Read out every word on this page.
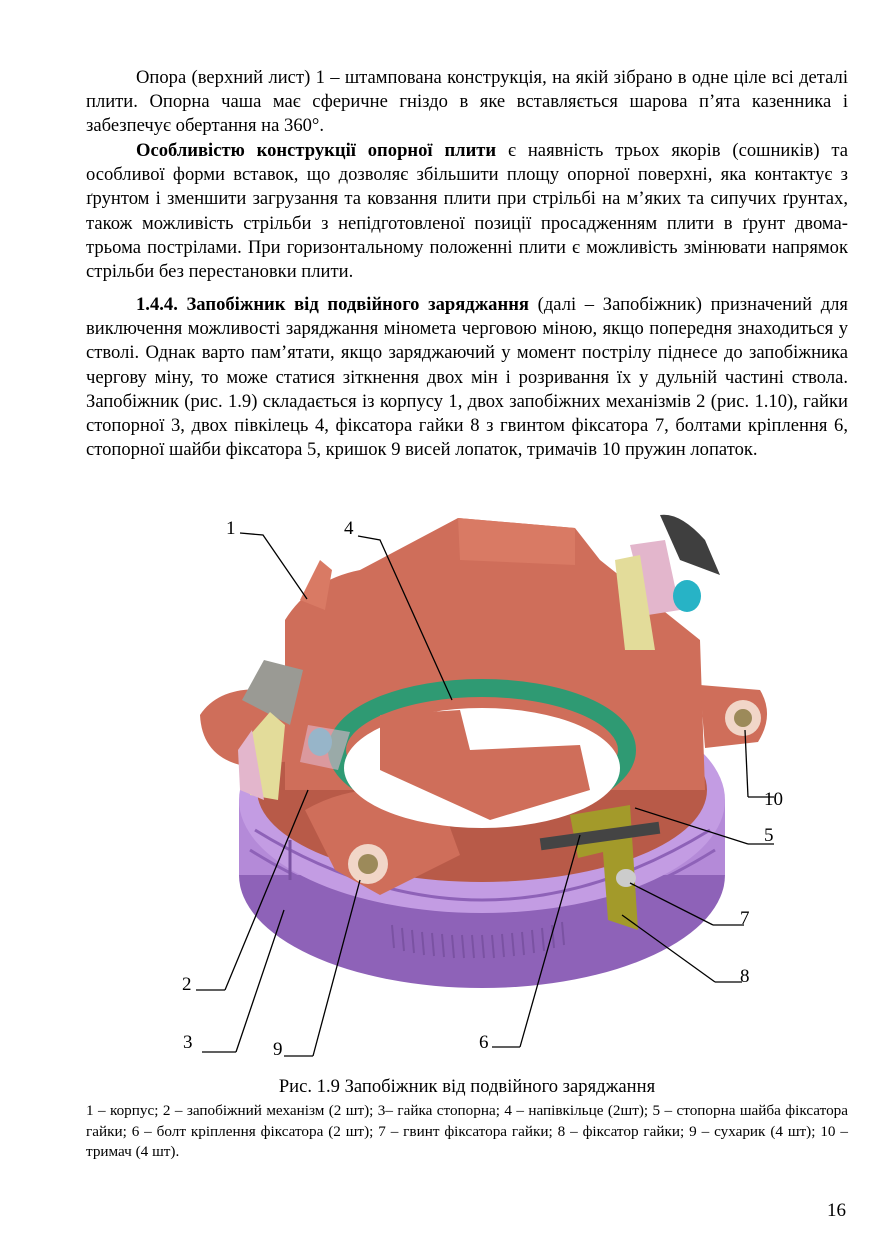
Опора (верхний лист) 1 – штампована конструкція, на якій зібрано в одне ціле всі деталі плити. Опорна чаша має сферичне гніздо в яке вставляється шарова п’ята казенника і забезпечує обертання на 360°.

Особливістю конструкції опорної плити є наявність трьох якорів (сошників) та особливої форми вставок, що дозволяє збільшити площу опорної поверхні, яка контактує з ґрунтом і зменшити загрузання та ковзання плити при стрільбі на м’яких та сипучих ґрунтах, також можливість стрільби з непідготовленої позиції просадженням плити в ґрунт двома-трьома пострілами. При горизонтальному положенні плити є можливість змінювати напрямок стрільби без перестановки плити.

1.4.4. Запобіжник від подвійного заряджання (далі – Запобіжник) призначений для виключення можливості заряджання міномета черговою міною, якщо попередня знаходиться у стволі. Однак варто пам’ятати, якщо заряджаючий у момент пострілу піднесе до запобіжника чергову міну, то може статися зіткнення двох мін і розривання їх у дульній частині ствола. Запобіжник (рис. 1.9) складається із корпусу 1, двох запобіжних механізмів 2 (рис. 1.10), гайки стопорної 3, двох півкілець 4, фіксатора гайки 8 з гвинтом фіксатора 7, болтами кріплення 6, стопорної шайби фіксатора 5, кришок 9 висей лопаток, тримачів 10 пружин лопаток.

1	4
2
3	9	6
10
5
7
8

Рис. 1.9 Запобіжник від подвійного заряджання

1 – корпус; 2 – запобіжний механізм (2 шт); 3– гайка стопорна; 4 – напівкільце (2шт); 5 – стопорна шайба фіксатора гайки; 6 – болт кріплення фіксатора (2 шт); 7 – гвинт фіксатора гайки; 8 – фіксатор гайки; 9 – сухарик (4 шт); 10 – тримач (4 шт).

16
